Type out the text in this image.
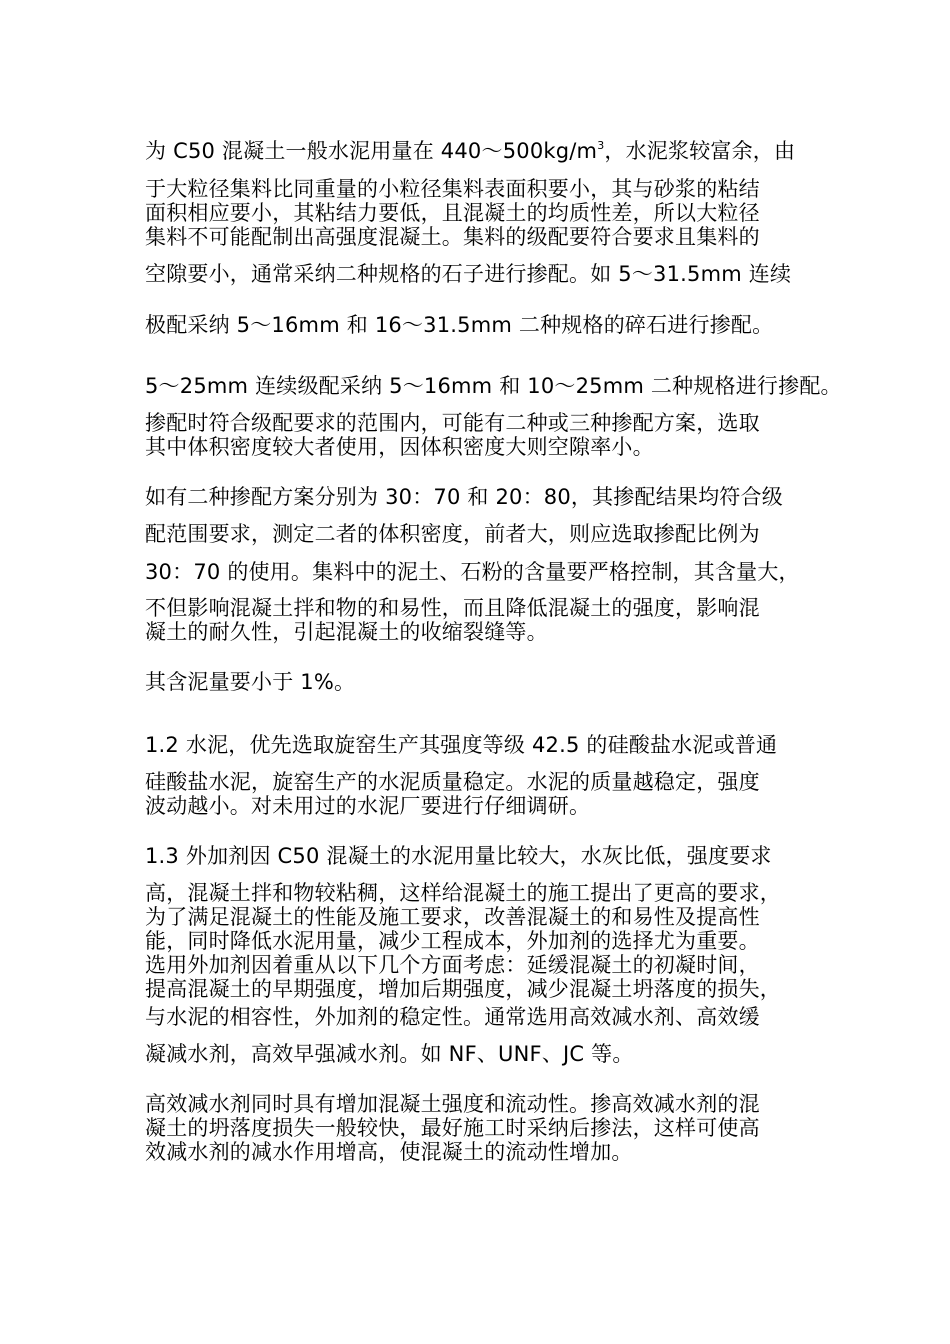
为 C50 混凝土一般水泥用量在 $440\sim 500kg/m^3$，水泥浆较富余，由

于大粒径集料比同重量的小粒径集料表面积要小，其与砂浆的粘结

面积相应要小，其粘结力要低，且混凝土的均质性差，所以大粒径

集料不可能配制出高强度混凝土。集料的级配要符合要求且集料的

空隙要小，通常采纳二种规格的石子进行掺配。如 5～31.5mm 连续

极配采纳 5～16mm 和 16～31.5mm 二种规格的碎石进行掺配。

5～25mm 连续级配采纳 5～16mm 和 10～25mm 二种规格进行掺配。

掺配时符合级配要求的范围内，可能有二种或三种掺配方案，选取

其中体积密度较大者使用，因体积密度大则空隙率小。

如有二种掺配方案分别为 30：70 和 20：80，其掺配结果均符合级

配范围要求，测定二者的体积密度，前者大，则应选取掺配比例为

30：70 的使用。集料中的泥土、石粉的含量要严格控制，其含量大，

不但影响混凝土拌和物的和易性，而且降低混凝土的强度，影响混

凝土的耐久性，引起混凝土的收缩裂缝等。

其含泥量要小于 1%。

1.2 水泥，优先选取旋窑生产其强度等级 42.5 的硅酸盐水泥或普通

硅酸盐水泥，旋窑生产的水泥质量稳定。水泥的质量越稳定，强度

波动越小。对未用过的水泥厂要进行仔细调研。

1.3 外加剂因 C50 混凝土的水泥用量比较大，水灰比低，强度要求

高，混凝土拌和物较粘稠，这样给混凝土的施工提出了更高的要求，

为了满足混凝土的性能及施工要求，改善混凝土的和易性及提高性

能，同时降低水泥用量，减少工程成本，外加剂的选择尤为重要。

选用外加剂因着重从以下几个方面考虑：延缓混凝土的初凝时间，

提高混凝土的早期强度，增加后期强度，减少混凝土坍落度的损失，

与水泥的相容性，外加剂的稳定性。通常选用高效减水剂、高效缓

凝减水剂，高效早强减水剂。如 NF、UNF、JC 等。

高效减水剂同时具有增加混凝土强度和流动性。掺高效减水剂的混

凝土的坍落度损失一般较快，最好施工时采纳后掺法，这样可使高

效减水剂的减水作用增高，使混凝土的流动性增加。
